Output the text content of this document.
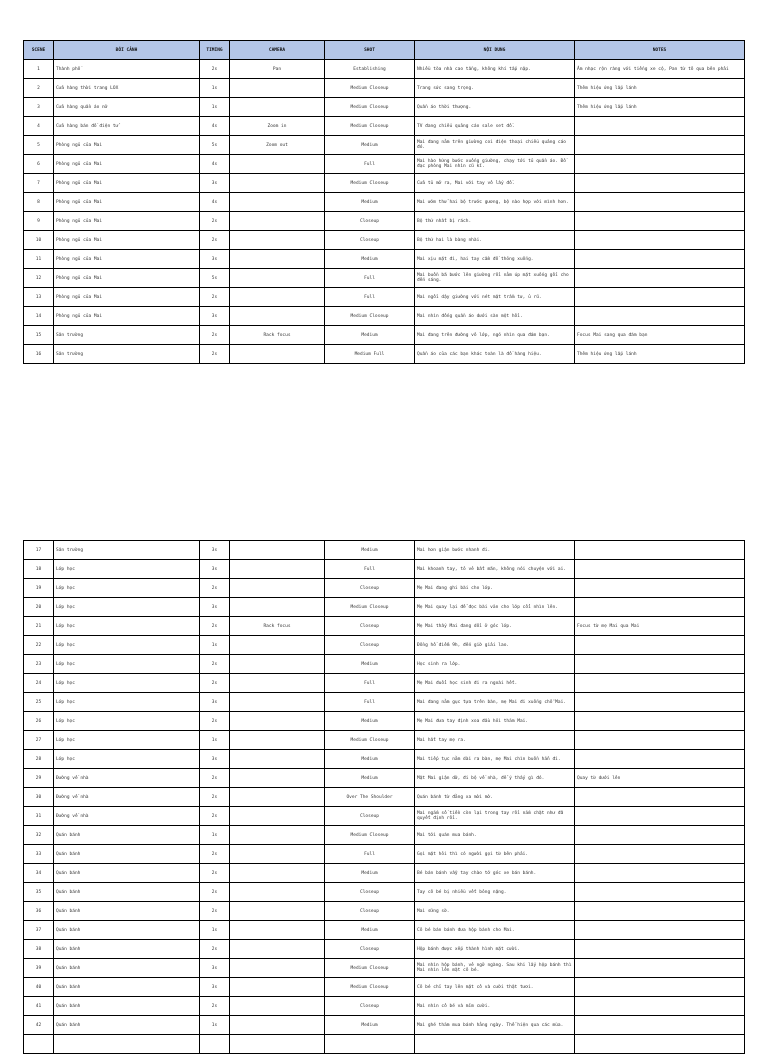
SCENE	BỐI CẢNH	TIMING	CAMERA	SHOT	NỘI DUNG	NOTES

1	Thành phố	2s	Pan	Establishing	Nhiều tòa nhà cao tầng, không khí tấp nập.	Âm nhạc rộn ràng với tiếng xe cộ, Pan từ tô qua bên phải

2	Cửa hàng thời trang LOX	1s		Medium Closeup	Trang sức sang trọng.	Thêm hiệu ứng lấp lánh

3	Cửa hàng quần áo nữ	1s		Medium Closeup	Quần áo thời thượng.	Thêm hiệu ứng lấp lánh

4	Cửa hàng bán đồ điện tử	4s	Zoom in	Medium Closeup	TV đang chiếu quảng cáo sale set đồ.	

5	Phòng ngủ của Mai	5s	Zoom out	Medium	Mai đang nằm trên giường coi điện thoại chiếu quảng cáo đó.	

6	Phòng ngủ của Mai	4s		Full	Mai hào hứng bước xuống giường, chạy tới tủ quần áo. Đồ đạc phòng Mai nhìn cũ kĩ.	

7	Phòng ngủ của Mai	3s		Medium Closeup	Cửa tủ mở ra, Mai với tay vô lấy đồ.	

8	Phòng ngủ của Mai	4s		Medium	Mai ướm thử hai bộ trước gương, bộ nào hợp với mình hơn.	

9	Phòng ngủ của Mai	2s		Closeup	Bộ thứ nhất bị rách.	

10	Phòng ngủ của Mai	2s		Closeup	Bộ thứ hai là bàng nhài.	

11	Phòng ngủ của Mai	3s		Medium	Mai xịu mặt đi, hai tay cầm đồ thõng xuống.	

12	Phòng ngủ của Mai	5s		Full	Mai buồn bã bước lên giường rồi nằm úp mặt xuống gối cho đến sáng.	

13	Phòng ngủ của Mai	2s		Full	Mai ngồi dậy giường với nét mặt trầm tư, ủ rũ.	

14	Phòng ngủ của Mai	3s		Medium Closeup	Mai nhìn đống quần áo dưới sàn một hồi.	

15	Sân trường	2s	Rack focus	Medium	Mai đang trên đường vô lớp, ngó nhìn qua đám bạn.	Focus Mai sang qua đám bạn

16	Sân trường	2s		Medium Full	Quần áo của các bạn khác toàn là đồ hàng hiệu.	Thêm hiệu ứng lấp lánh
17	Sân trường	3s		Medium	Mai hơn giận bước nhanh đi.	

18	Lớp học	3s		Full	Mai khoanh tay, tỏ vẻ bất mãn, không nói chuyện với ai.	

19	Lớp học	2s		Closeup	Mẹ Mai đang ghi bài cho lớp.	

20	Lớp học	3s		Medium Closeup	Mẹ Mai quay lại để đọc bài văn cho lớp cổi nhìn lên.	

21	Lớp học	2s	Rack focus	Closeup	Mẹ Mai thấy Mai đang dồi ở góc lớp.	Focus từ mẹ Mai qua Mai

22	Lớp học	1s		Closeup	Đồng hồ điểm 9h, đến giờ giải lao.	

23	Lớp học	2s		Medium	Học sinh ra lớp.	

24	Lớp học	2s		Full	Mẹ Mai đuổi học sinh đi ra ngoài hết.	

25	Lớp học	3s		Full	Mai đang nằm gục tựa trên bàn, mẹ Mai đi xuống chỗ Mai.	

26	Lớp học	2s		Medium	Mẹ Mai đưa tay định xoa đầu hỏi thăm Mai.	

27	Lớp học	1s		Medium Closeup	Mai hất tay mẹ ra.	

28	Lớp học	3s		Medium	Mai tiếp tục nằm dài ra bàn, mẹ Mai chìn buồn hẳn đi.	

29	Đường về nhà	2s		Medium	Mặt Mai giận dữ, đi bộ về nhà, để ý thấy gì đó.	Quay từ dưới lên

30	Đường về nhà	2s		Over The Shoulder	Quán bánh từ đằng xa mời mờ.	

31	Đường về nhà	2s		Closeup	Mai ngắm số tiền còn lại trong tay rồi nắm chặt như đã quyết định rồi.	

32	Quán bánh	1s		Medium Closeup	Mai tới quán mua bánh.	

33	Quán bánh	2s		Full	Gọi mặt hỏi thì có người gọi từ bên phải.	

34	Quán bánh	2s		Medium	Bé bán bánh vẫy tay chào tớ góc xe bán bánh.	

35	Quán bánh	2s		Closeup	Tay cô bé bị nhiều vết bỏng nặng.	

36	Quán bánh	2s		Closeup	Mai sững sờ.	

37	Quán bánh	1s		Medium	Cô bé bán bánh đưa hộp bánh cho Mai.	

38	Quán bánh	2s		Closeup	Hộp bánh được xếp thành hình mặt cười.	

39	Quán bánh	3s		Medium Closeup	Mai nhìn hộp bánh, vẻ ngỡ ngàng. Sau khi lấy hộp bánh thì Mai nhìn lên mặt cô bé.	

40	Quán bánh	3s		Medium Closeup	Cô bé chỉ tay lên mặt cô và cười thật tươi.	

41	Quán bánh	2s		Closeup	Mai nhìn cô bé và mỉm cười.	

42	Quán bánh	1s		Medium	Mai ghé thăm mua bánh hằng ngày. Thể hiện qua các mùa.	
